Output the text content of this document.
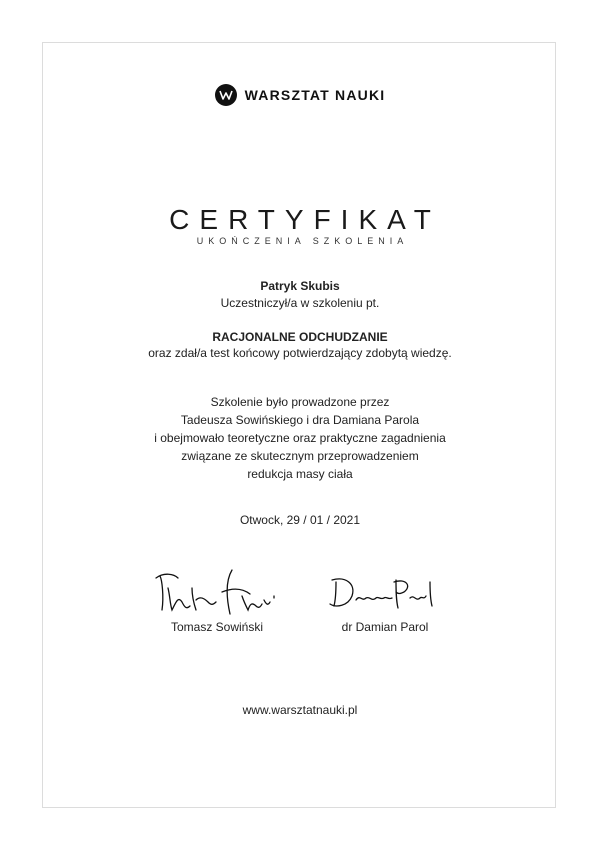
WARSZTAT NAUKI
CERTYFIKAT
UKOŃCZENIA SZKOLENIA
Patryk Skubis
Uczestniczył/a w szkoleniu pt.
RACJONALNE ODCHUDZANIE
oraz zdał/a test końcowy potwierdzający zdobytą wiedzę.
Szkolenie było prowadzone przez
Tadeusza Sowińskiego i dra Damiana Parola
i obejmowało teoretyczne oraz praktyczne zagadnienia
związane ze skutecznym przeprowadzeniem
redukcja masy ciała
Otwock, 29 / 01 / 2021
Tomasz Sowiński	dr Damian Parol
www.warsztatnauki.pl
